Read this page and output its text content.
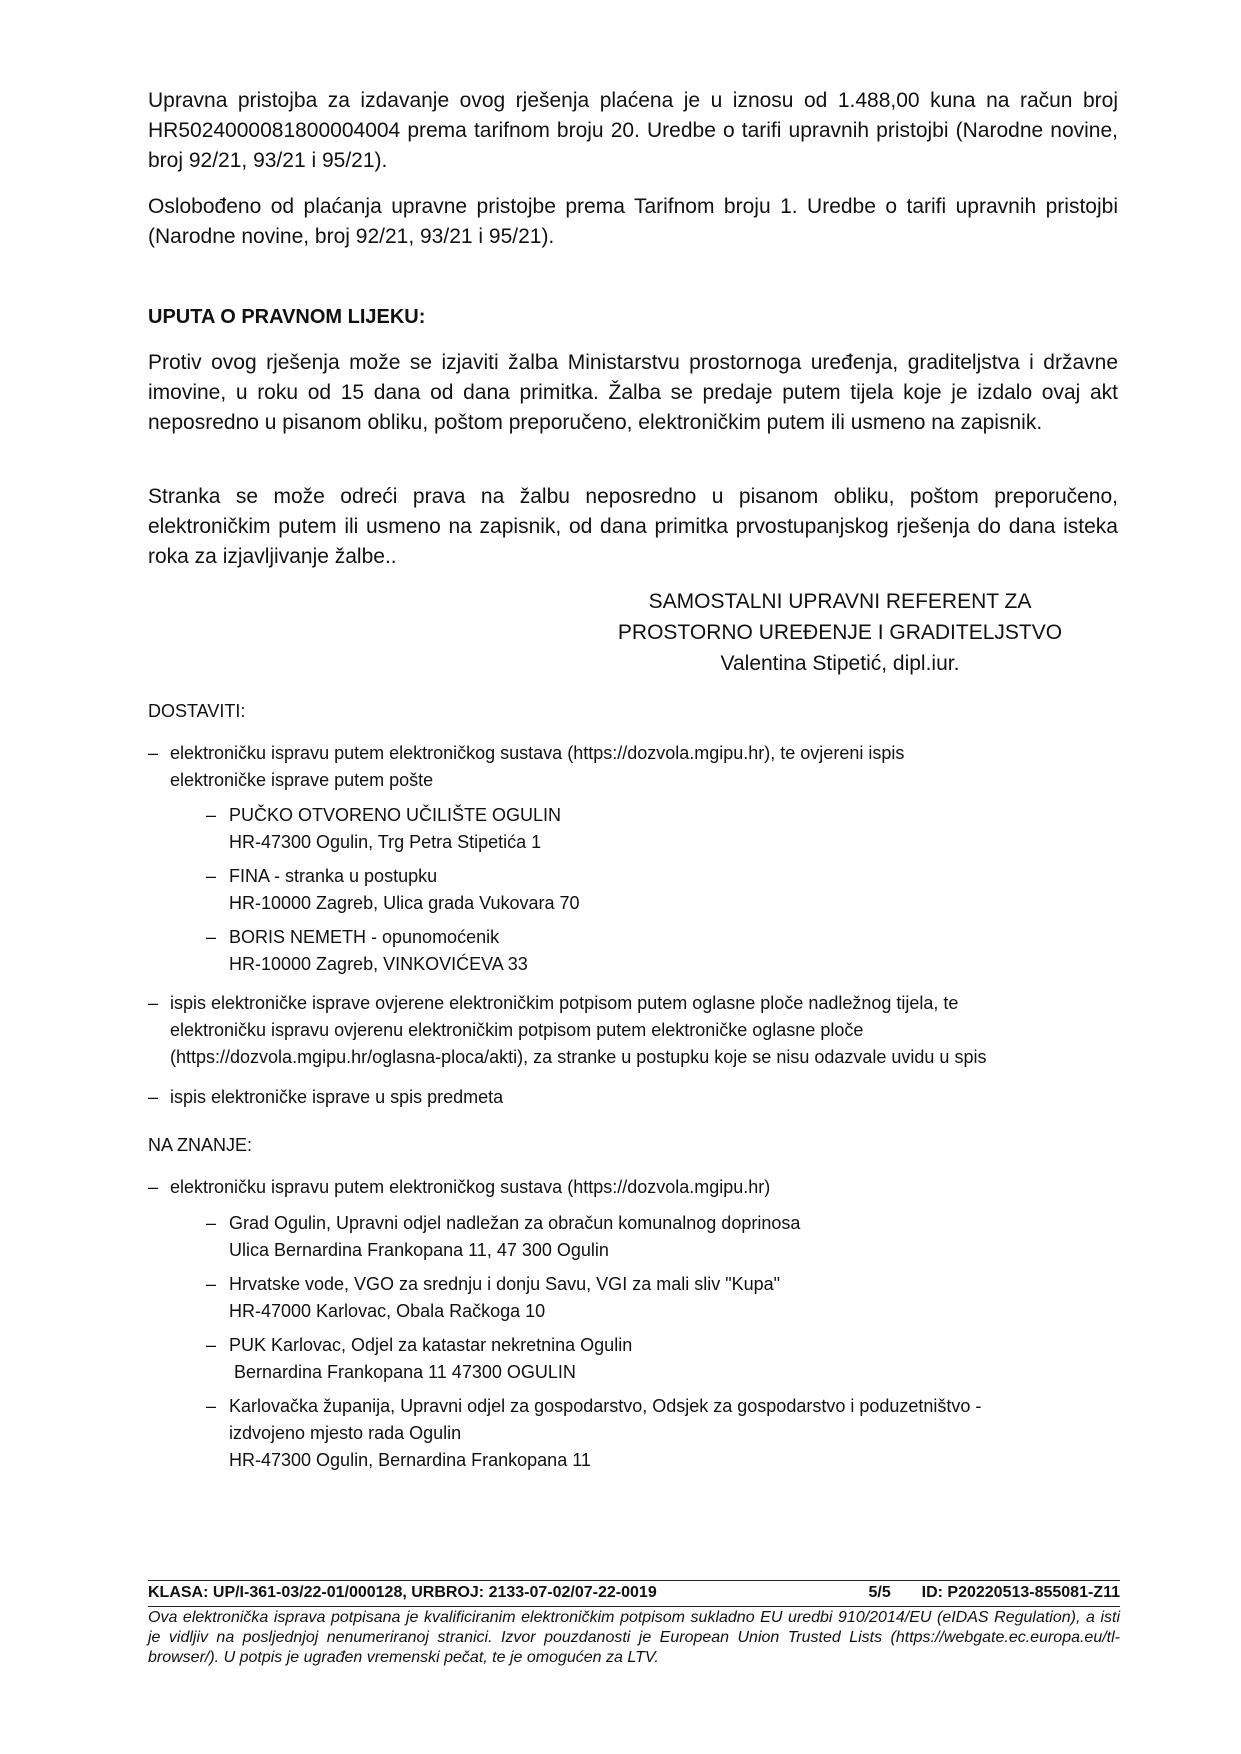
Upravna pristojba za izdavanje ovog rješenja plaćena je u iznosu od 1.488,00 kuna na račun broj HR5024000081800004004 prema tarifnom broju 20. Uredbe o tarifi upravnih pristojbi (Narodne novine, broj 92/21, 93/21 i 95/21).
Oslobođeno od plaćanja upravne pristojbe prema Tarifnom broju 1. Uredbe o tarifi upravnih pristojbi (Narodne novine, broj 92/21, 93/21 i 95/21).
UPUTA O PRAVNOM LIJEKU:
Protiv ovog rješenja može se izjaviti žalba Ministarstvu prostornoga uređenja, graditeljstva i državne imovine, u roku od 15 dana od dana primitka. Žalba se predaje putem tijela koje je izdalo ovaj akt neposredno u pisanom obliku, poštom preporučeno, elektroničkim putem ili usmeno na zapisnik.
Stranka se može odreći prava na žalbu neposredno u pisanom obliku, poštom preporučeno, elektroničkim putem ili usmeno na zapisnik, od dana primitka prvostupanjskog rješenja do dana isteka roka za izjavljivanje žalbe..
SAMOSTALNI UPRAVNI REFERENT ZA
PROSTORNO UREĐENJE I GRADITELJSTVO
Valentina Stipetić, dipl.iur.
DOSTAVITI:
– elektroničku ispravu putem elektroničkog sustava (https://dozvola.mgipu.hr), te ovjereni ispis
elektroničke isprave putem pošte
– PUČKO OTVORENO UČILIŠTE OGULIN
HR-47300 Ogulin, Trg Petra Stipetića 1
– FINA - stranka u postupku
HR-10000 Zagreb, Ulica grada Vukovara 70
– BORIS NEMETH - opunomoćenik
HR-10000 Zagreb, VINKOVIĆEVA 33
– ispis elektroničke isprave ovjerene elektroničkim potpisom putem oglasne ploče nadležnog tijela, te
elektroničku ispravu ovjerenu elektroničkim potpisom putem elektroničke oglasne ploče
(https://dozvola.mgipu.hr/oglasna-ploca/akti), za stranke u postupku koje se nisu odazvale uvidu u spis
– ispis elektroničke isprave u spis predmeta
NA ZNANJE:
– elektroničku ispravu putem elektroničkog sustava (https://dozvola.mgipu.hr)
– Grad Ogulin, Upravni odjel nadležan za obračun komunalnog doprinosa
Ulica Bernardina Frankopana 11, 47 300 Ogulin
– Hrvatske vode, VGO za srednju i donju Savu, VGI za mali sliv "Kupa"
HR-47000 Karlovac, Obala Račkoga 10
– PUK Karlovac, Odjel za katastar nekretnina Ogulin
Bernardina Frankopana 11 47300 OGULIN
– Karlovačka županija, Upravni odjel za gospodarstvo, Odsjek za gospodarstvo i poduzetništvo -
izdvojeno mjesto rada Ogulin
HR-47300 Ogulin, Bernardina Frankopana 11
KLASA: UP/I-361-03/22-01/000128, URBROJ: 2133-07-02/07-22-0019	5/5 ID: P20220513-855081-Z11
Ova elektronička isprava potpisana je kvalificiranim elektroničkim potpisom sukladno EU uredbi 910/2014/EU (eIDAS Regulation), a isti je vidljiv na posljednjoj nenumeriranoj stranici. Izvor pouzdanosti je European Union Trusted Lists (https://webgate.ec.europa.eu/tl-browser/). U potpis je ugrađen vremenski pečat, te je omogućen za LTV.
